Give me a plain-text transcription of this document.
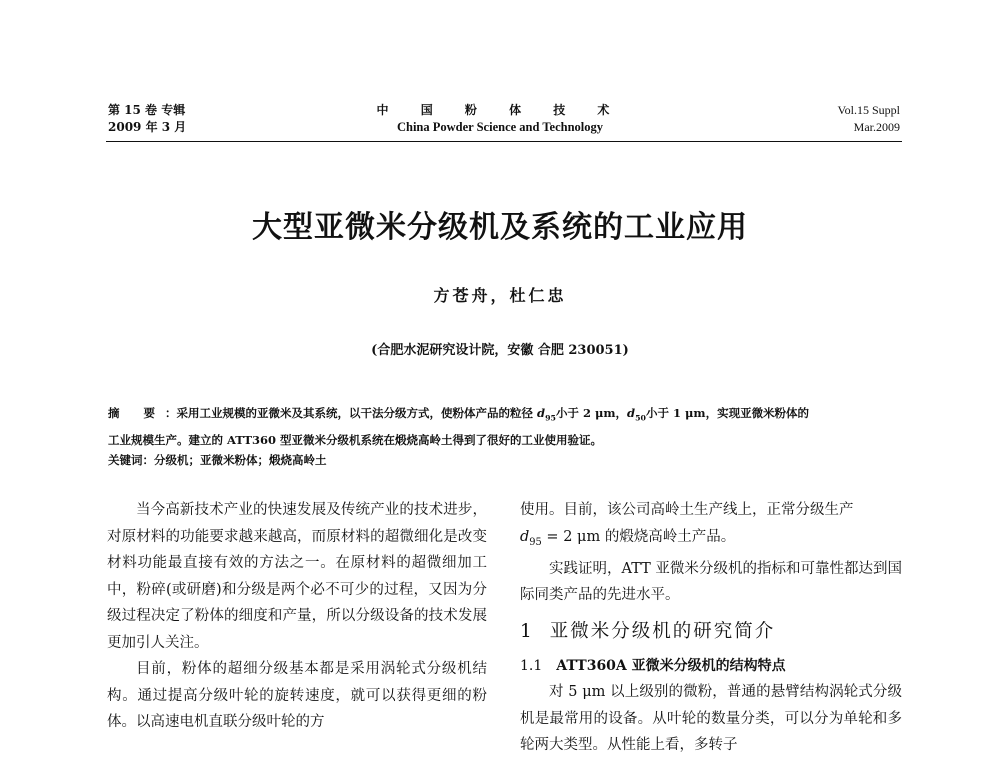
第 15 卷 专辑
2009 年 3 月
中 国 粉 体 技 术
China Powder Science and Technology
Vol.15 Suppl
Mar.2009
大型亚微米分级机及系统的工业应用
方苍舟，杜仁忠
(合肥水泥研究设计院，安徽 合肥 230051)

摘 要：采用工业规模的亚微米及其系统，以干法分级方式，使粉体产品的粒径 $d_{95}$小于 2 μm，$d_{50}$小于 1 μm，实现亚微米粉体的

工业规模生产。建立的 ATT360 型亚微米分级机系统在煅烧高岭土得到了很好的工业使用验证。

关键词：分级机；亚微米粉体；煅烧高岭土

当今高新技术产业的快速发展及传统产业的技术进步，对原材料的功能要求越来越高，而原材料的超微细化是改变材料功能最直接有效的方法之一。在原材料的超微细加工中，粉碎(或研磨)和分级是两个必不可少的过程，又因为分级过程决定了粉体的细度和产量，所以分级设备的技术发展更加引人关注。

目前，粉体的超细分级基本都是采用涡轮式分级机结构。通过提高分级叶轮的旋转速度，就可以获得更细的粉体。以高速电机直联分级叶轮的方

使用。目前，该公司高岭土生产线上，正常分级生产

$d_{95} = 2$ μm 的煅烧高岭土产品。

实践证明，ATT 亚微米分级机的指标和可靠性都达到国际同类产品的先进水平。

1 亚微米分级机的研究简介

1.1 ATT360A 亚微米分级机的结构特点

对 5 μm 以上级别的微粉，普通的悬臂结构涡轮式分级机是最常用的设备。从叶轮的数量分类，可以分为单轮和多轮两大类型。从性能上看，多转子
